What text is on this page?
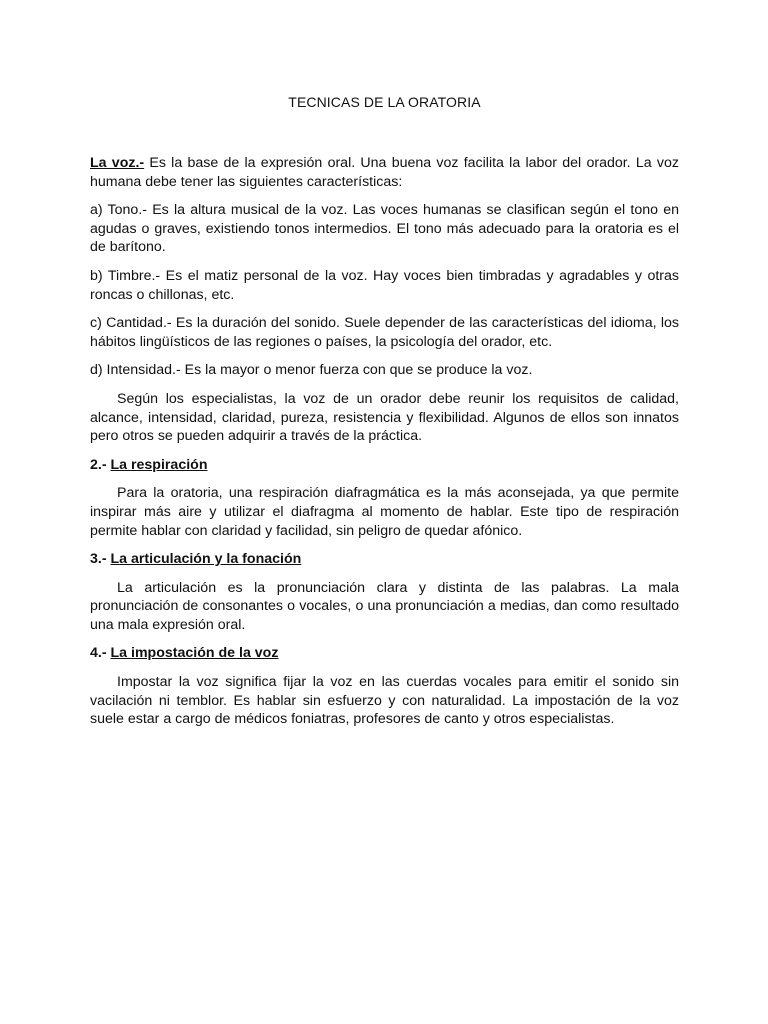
TECNICAS DE LA ORATORIA

La voz.- Es la base de la expresión oral. Una buena voz facilita la labor del orador. La voz humana debe tener las siguientes características:

a) Tono.- Es la altura musical de la voz. Las voces humanas se clasifican según el tono en agudas o graves, existiendo tonos intermedios. El tono más adecuado para la oratoria es el de barítono.

b) Timbre.- Es el matiz personal de la voz. Hay voces bien timbradas y agradables y otras roncas o chillonas, etc.

c) Cantidad.- Es la duración del sonido. Suele depender de las características del idioma, los hábitos lingüísticos de las regiones o países, la psicología del orador, etc.

d) Intensidad.- Es la mayor o menor fuerza con que se produce la voz.

Según los especialistas, la voz de un orador debe reunir los requisitos de calidad, alcance, intensidad, claridad, pureza, resistencia y flexibilidad. Algunos de ellos son innatos pero otros se pueden adquirir a través de la práctica.

2.- La respiración

Para la oratoria, una respiración diafragmática es la más aconsejada, ya que permite inspirar más aire y utilizar el diafragma al momento de hablar. Este tipo de respiración permite hablar con claridad y facilidad, sin peligro de quedar afónico.

3.- La articulación y la fonación

La articulación es la pronunciación clara y distinta de las palabras. La mala pronunciación de consonantes o vocales, o una pronunciación a medias, dan como resultado una mala expresión oral.

4.- La impostación de la voz

Impostar la voz significa fijar la voz en las cuerdas vocales para emitir el sonido sin vacilación ni temblor. Es hablar sin esfuerzo y con naturalidad. La impostación de la voz suele estar a cargo de médicos foniatras, profesores de canto y otros especialistas.
